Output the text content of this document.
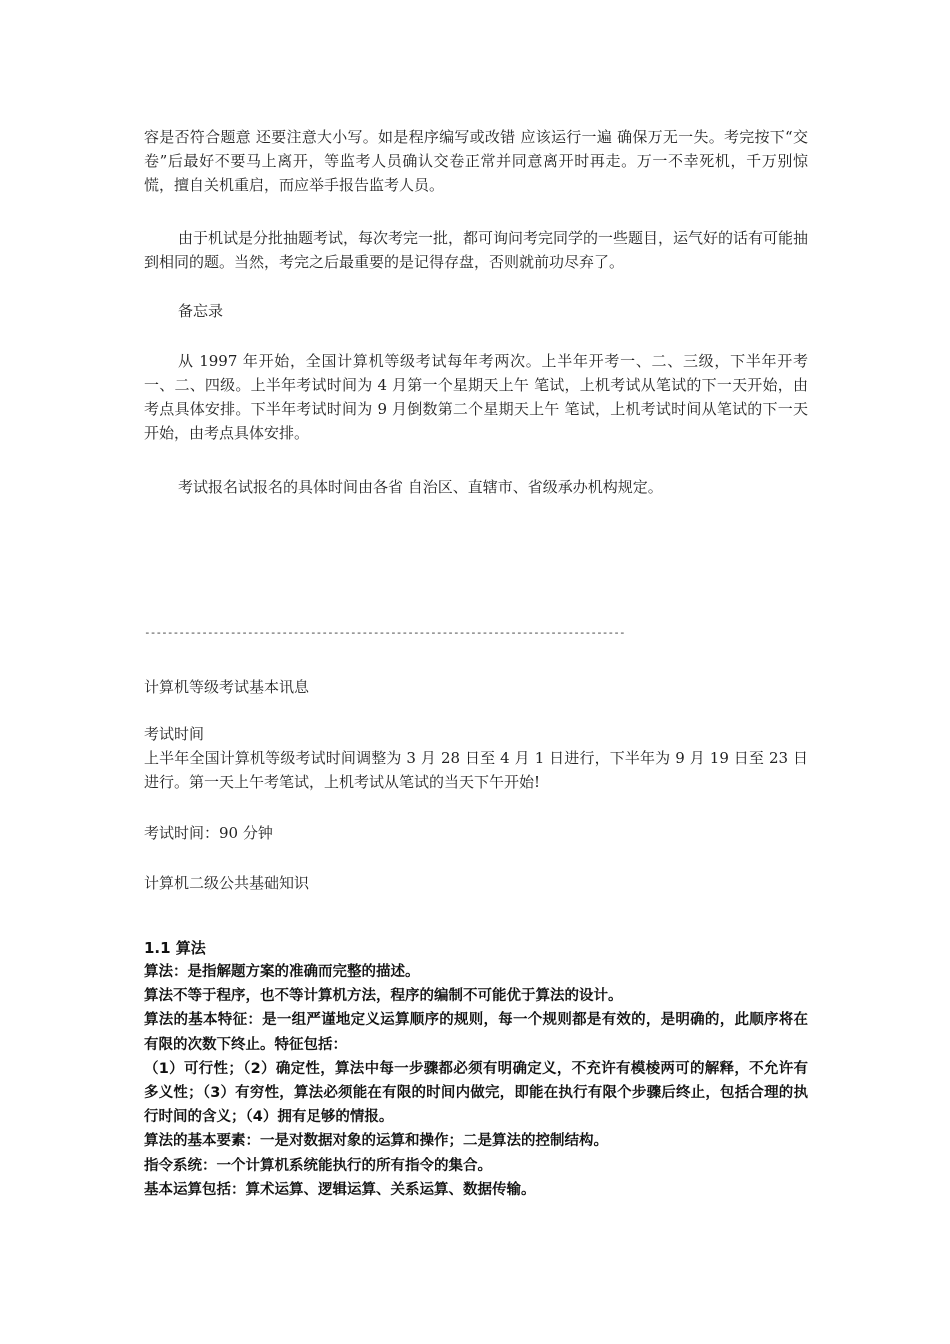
容是否符合题意 还要注意大小写。如是程序编写或改错 应该运行一遍 确保万无一失。考完按下“交卷”后最好不要马上离开，等监考人员确认交卷正常并同意离开时再走。万一不幸死机，千万别惊慌，擅自关机重启，而应举手报告监考人员。

由于机试是分批抽题考试，每次考完一批，都可询问考完同学的一些题目，运气好的话有可能抽到相同的题。当然，考完之后最重要的是记得存盘，否则就前功尽弃了。

备忘录

从 1997 年开始，全国计算机等级考试每年考两次。上半年开考一、二、三级，下半年开考一、二、四级。上半年考试时间为 4 月第一个星期天上午 笔试，上机考试从笔试的下一天开始，由考点具体安排。下半年考试时间为 9 月倒数第二个星期天上午 笔试，上机考试时间从笔试的下一天开始，由考点具体安排。

考试报名试报名的具体时间由各省 自治区、直辖市、省级承办机构规定。

------------------------------------------------------------------------------------

计算机等级考试基本讯息

考试时间

上半年全国计算机等级考试时间调整为 3 月 28 日至 4 月 1 日进行，下半年为 9 月 19 日至 23 日进行。第一天上午考笔试，上机考试从笔试的当天下午开始!

考试时间：90 分钟

计算机二级公共基础知识

1.1 算法

算法：是指解题方案的准确而完整的描述。

算法不等于程序，也不等计算机方法，程序的编制不可能优于算法的设计。

算法的基本特征：是一组严谨地定义运算顺序的规则，每一个规则都是有效的，是明确的，此顺序将在有限的次数下终止。特征包括：

（1）可行性；（2）确定性，算法中每一步骤都必须有明确定义，不充许有模棱两可的解释，不允许有多义性；（3）有穷性，算法必须能在有限的时间内做完，即能在执行有限个步骤后终止，包括合理的执行时间的含义；（4）拥有足够的情报。

算法的基本要素：一是对数据对象的运算和操作；二是算法的控制结构。

指令系统：一个计算机系统能执行的所有指令的集合。

基本运算包括：算术运算、逻辑运算、关系运算、数据传输。
